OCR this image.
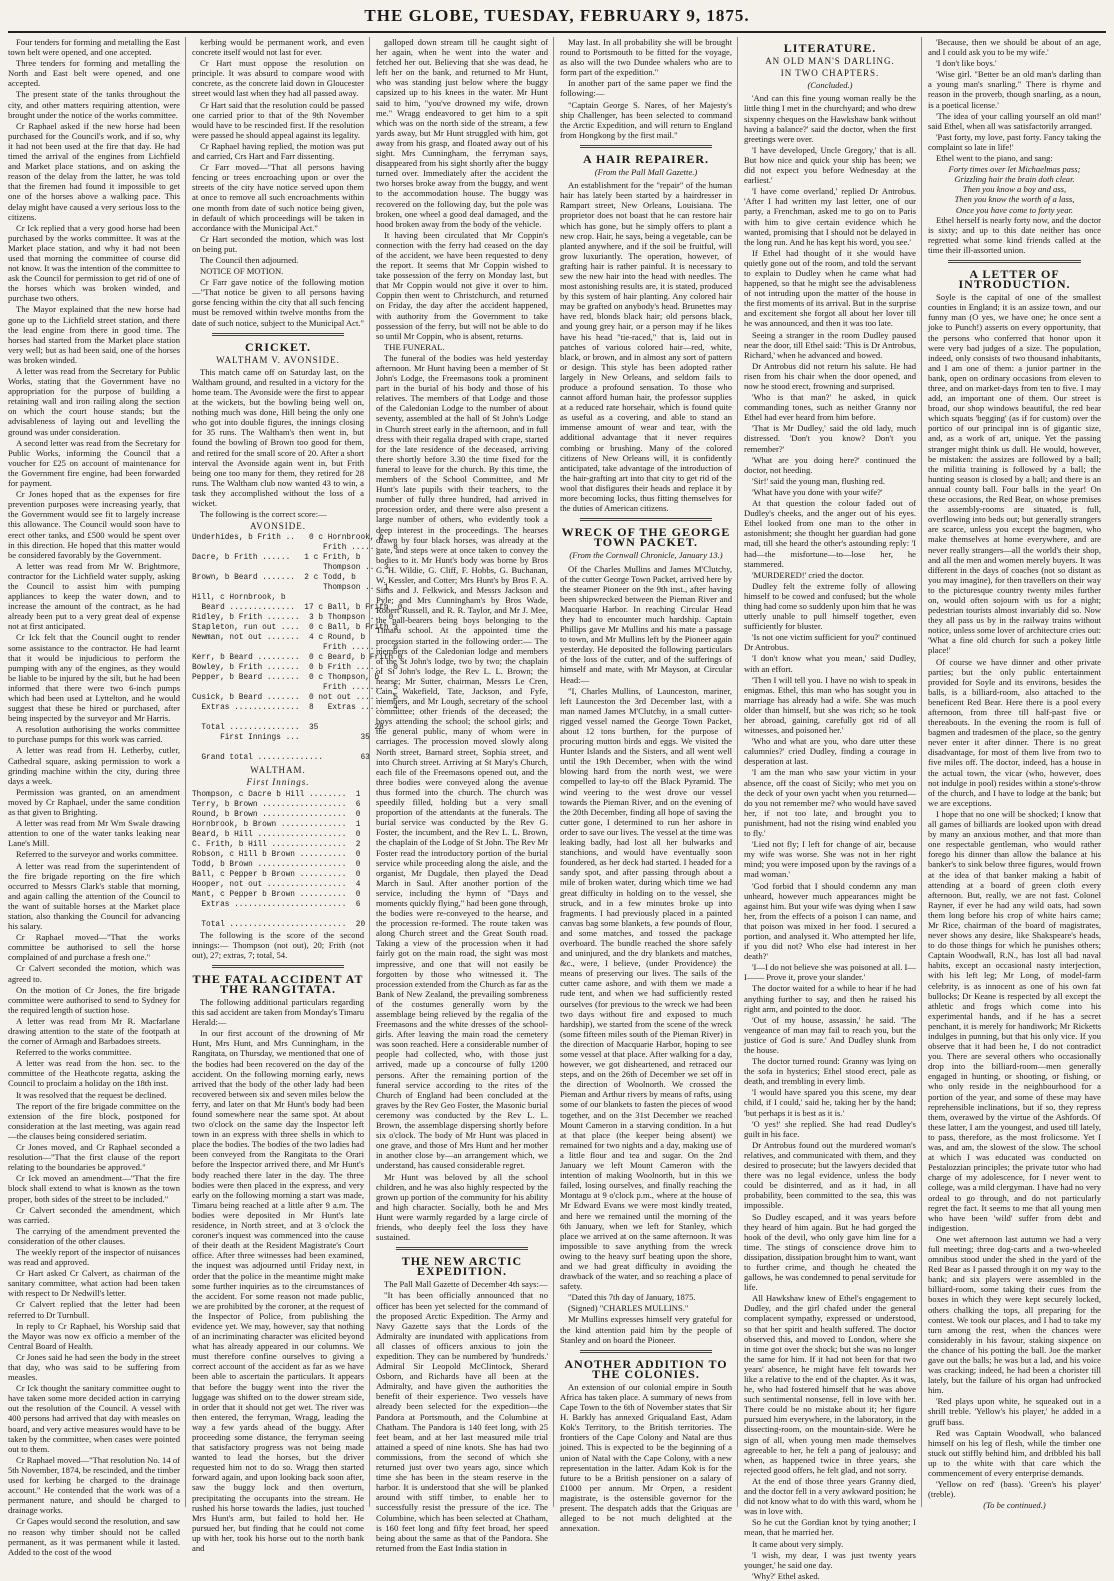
THE GLOBE, TUESDAY, FEBRUARY 9, 1875.

Four tenders for forming and metalling the East town belt were opened, and one accepted.

Three tenders for forming and metalling the North and East belt were opened, and one accepted.

The present state of the tanks throughout the city, and other matters requiring attention, were brought under the notice of the works committee.

Cr Raphael asked if the new horse had been purchased for the Council's work, and if so, why it had not been used at the fire that day. He had timed the arrival of the engines from Lichfield and Market place stations, and on asking the reason of the delay from the latter, he was told that the firemen had found it impossible to get one of the horses above a walking pace. This delay might have caused a very serious loss to the citizens.

Cr Ick replied that a very good horse had been purchased by the works committee. It was at the Market place station, and why it had not been used that morning the committee of course did not know. It was the intention of the committee to ask the Council for permission to get rid of one of the horses which was broken winded, and purchase two others.

The Mayor explained that the new horse had gone up to the Lichfield street station, and there the lead engine from there in good time. The horses had started from the Market place station very well; but as had been said, one of the horses was broken winded.

A letter was read from the Secretary for Public Works, stating that the Government have no appropriation for the purpose of building a retaining wall and iron railing along the section on which the court house stands; but the advisableness of laying out and levelling the ground was under consideration.

A second letter was read from the Secretary for Public Works, informing the Council that a voucher for £25 on account of maintenance for the Government fire engine, had been forwarded for payment.

Cr Jones hoped that as the expenses for fire prevention purposes were increasing yearly, that the Government would see fit to largely increase this allowance. The Council would soon have to erect other tanks, and £500 would be spent over in this direction. He hoped that this matter would be considered favorably by the Government.

A letter was read from Mr W. Brightmore, contractor for the Lichfield water supply, asking the Council to assist him with pumping appliances to keep the water down, and to increase the amount of the contract, as he had already been put to a very great deal of expense not at first anticipated.

Cr Ick felt that the Council ought to render some assistance to the contractor. He had learnt that it would be injudicious to perform the pumping with any of the engines, as they would be liable to be injured by the silt, but he had been informed that there were two 6-inch pumps which had been used at Lyttelton, and he would suggest that these be hired or purchased, after being inspected by the surveyor and Mr Harris.

A resolution authorising the works committee to purchase pumps for this work was carried.

A letter was read from H. Letherby, cutler, Cathedral square, asking permission to work a grinding machine within the city, during three days a week.

Permission was granted, on an amendment moved by Cr Raphael, under the same condition as that given to Brighting.

A letter was read from Mr Wm Swale drawing attention to one of the water tanks leaking near Lane's Mill.

Referred to the surveyor and works committee.

A letter was read from the superintendent of the fire brigade reporting on the fire which occurred to Messrs Clark's stable that morning, and again calling the attention of the Council to the want of suitable horses at the Market place station, also thanking the Council for advancing his salary.

Cr Raphael moved—"That the works committee be authorised to sell the horse complained of and purchase a fresh one."

Cr Calvert seconded the motion, which was agreed to.

On the motion of Cr Jones, the fire brigade committee were authorised to send to Sydney for the required length of suction hose.

A letter was read from Mr R. Macfarlane drawing attention to the state of the footpath at the corner of Armagh and Barbadoes streets.

Referred to the works committee.

A letter was read from the hon. sec. to the committee of the Heathcote regatta, asking the Council to proclaim a holiday on the 18th inst.

It was resolved that the request be declined.

The report of the fire brigade committee on the extension of the fire block, postponed for consideration at the last meeting, was again read—the clauses being considered seriatim.

Cr Jones moved, and Cr Raphael seconded a resolution—"That the first clause of the report relating to the boundaries be approved."

Cr Ick moved an amendment—"That the fire block shall extend to what is known as the town proper, both sides of the street to be included."

Cr Calvert seconded the amendment, which was carried.

The carrying of the amendment prevented the consideration of the other clauses.

The weekly report of the inspector of nuisances was read and approved.

Cr Hart asked Cr Calvert, as chairman of the sanitary committee, what action had been taken with respect to Dr Nedwill's letter.

Cr Calvert replied that the letter had been referred to Dr Turnbull.

In reply to Cr Raphael, his Worship said that the Mayor was now ex officio a member of the Central Board of Health.

Cr Jones said he had seen the body in the street that day, who was said to be suffering from measles.

Cr Ick thought the sanitary committee ought to have taken some more decided action in carrying out the resolution of the Council. A vessel with 400 persons had arrived that day with measles on board, and very active measures would have to be taken by the committee, when cases were pointed out to them.

Cr Raphael moved—"That resolution No. 14 of 5th November, 1874, be rescinded, and the timber used for kerbing be charged to the drainage account." He contended that the work was of a permanent nature, and should be charged to drainage works.

Cr Gapes would second the resolution, and saw no reason why timber should not be called permanent, as it was permanent while it lasted. Added to the cost of the wood

kerbing would be permanent work, and even concrete itself would not last for ever.

Cr Hart must oppose the resolution on principle. It was absurd to compare wood with concrete, as the concrete laid down in Gloucester street would last when they had all passed away.

Cr Hart said that the resolution could be passed one carried prior to that of the 9th November would have to be rescinded first. If the resolution were passed he should appeal against its legality.

Cr Raphael having replied, the motion was put and carried, Crs Hart and Farr dissenting.

Cr Farr moved—"That all persons having fencing or trees encroaching upon or over the streets of the city have notice served upon them at once to remove all such encroachments within one month from date of such notice being given, in default of which proceedings will be taken in accordance with the Municipal Act."

Cr Hart seconded the motion, which was lost on being put.

The Council then adjourned.

NOTICE OF MOTION.

Cr Farr gave notice of the following motion—"That notice be given to all persons having gorse fencing within the city that all such fencing must be removed within twelve months from the date of such notice, subject to the Municipal Act."

CRICKET.
WALTHAM V. AVONSIDE.

This match came off on Saturday last, on the Waltham ground, and resulted in a victory for the home team. The Avonside were the first to appear at the wickets, but the bowling being well on, nothing much was done, Hill being the only one who got into double figures, the innings closing for 35 runs. The Waltham's then went in, but found the bowling of Brown too good for them, and retired for the small score of 20. After a short interval the Avonside again went in, but Frith being one too many for them, they retired for 28 runs. The Waltham club now wanted 43 to win, a task they accomplished without the loss of a wicket.

The following is the correct score:—

AVONSIDE.
Underhides, b Frith ..   0 c Hornbrook, b
Frith ......   8
Dacre, b Frith ......   1 c Frith, b
Thompson ..  3
Brown, b Beard .......  2 c Todd, b
Thompson ..  1
Hill, c Hornbrook, b
Beard ..............  17 c Ball, b Frith  0
Ridley, b Frith .......  3 b Thompson ..  0
Stapleton, run out ....  0 c Ball, b Frith 3
Newman, not out .......  4 c Round, b
Frith .......  0
Kerr, b Beard .........  0 c Beard, b Frith 0
Bowley, b Frith .......  0 b Frith ......  0
Pepper, b Beard .......  0 c Thompson, b
Frith .......  5
Cusick, b Beard .......  0 not out ......  5
Extras ..............  8   Extras .....  4

Total ...............  35            28
First Innings ...             35

Grand total ..............        63
WALTHAM.
First Innings.
Thompson, c Dacre b Hill ........  1
Terry, b Brown ..................  6
Round, b Brown ..................  0
Hornbrook, b Brown ..............  1
Beard, b Hill ...................  0
C. Frith, b Hill ................  2
Robson, c Hill b Brown ..........  0
Todd, b Brown ...................  0
Ball, c Pepper b Brown ..........  0
Hooper, not out .................  4
Mant, c Pepper b Brown ..........  0
Extras ........................  6

Total .........................  20

The following is the score of the second innings:— Thompson (not out), 20; Frith (not out), 27; extras, 7; total, 54.

THE FATAL ACCIDENT AT THE RANGITATA.

The following additional particulars regarding this sad accident are taken from Monday's Timaru Herald:—

In our first account of the drowning of Mr Hunt, Mrs Hunt, and Mrs Cunningham, in the Rangitata, on Thursday, we mentioned that one of the bodies had been recovered on the day of the accident. On the following morning early, news arrived that the body of the other lady had been recovered between six and seven miles below the ferry, and later on that Mr Hunt's body had been found somewhere near the same spot. At about two o'clock on the same day the Inspector left town in an express with three shells in which to place the bodies. The bodies of the two ladies had been conveyed from the Rangitata to the Orari before the Inspector arrived there, and Mr Hunt's body reached there later in the day. The three bodies were then placed in the express, and very early on the following morning a start was made, Timaru being reached at a little after 9 a.m. The bodies were deposited in Mr Hunt's late residence, in North street, and at 3 o'clock the coroner's inquest was commenced into the cause of their death at the Resident Magistrate's Court office. After three witnesses had been examined, the inquest was adjourned until Friday next, in order that the police in the meantime might make some further inquiries as to the circumstances of the accident. For some reason not made public, we are prohibited by the coroner, at the request of the Inspector of Police, from publishing the evidence yet. We may, however, say that nothing of an incriminating character was elicited beyond what has already appeared in our columns. We must therefore confine ourselves to giving a correct account of the accident as far as we have been able to ascertain the particulars. It appears that before the buggy went into the river the luggage was shifted on to the dower stream side, in order that it should not get wet. The river was then entered, the ferryman, Wragg, leading the way a few yards ahead of the buggy. After proceeding some distance, the ferryman seeing that satisfactory progress was not being made wanted to lead the horses, but the driver requested him not to do so. Wragg then started forward again, and upon looking back soon after, saw the buggy lock and then overturn, precipitating the occupants into the stream. He rushed his horse towards the ladies, just touched Mrs Hunt's arm, but failed to hold her. He pursued her, but finding that he could not come up with her, took his horse out to the north bank and

galloped down stream till he caught sight of her again, when he went into the water and fetched her out. Believing that she was dead, he left her on the bank, and returned to Mr Hunt, who was standing just below where the buggy capsized up to his knees in the water. Mr Hunt said to him, "you've drowned my wife, drown me." Wragg endeavored to get him to a spit which was on the north side of the stream, a few yards away, but Mr Hunt struggled with him, got away from his grasp, and floated away out of his sight. Mrs Cunningham, the ferryman says, disappeared from his sight shortly after the buggy turned over. Immediately after the accident the two horses broke away from the buggy, and went to the accommodation house. The buggy was recovered on the following day, but the pole was broken, one wheel a good deal damaged, and the hood broken away from the body of the vehicle.

It having been circulated that Mr Coppin's connection with the ferry had ceased on the day of the accident, we have been requested to deny the report. It seems that Mr Coppin wished to take possession of the ferry on Monday last, but that Mr Coppin would not give it over to him. Coppin then went to Christchurch, and returned on Friday, the day after the accident happened, with authority from the Government to take possession of the ferry, but will not be able to do so until Mr Coppin, who is absent, returns.

THE FUNERAL.

The funeral of the bodies was held yesterday afternoon. Mr Hunt having been a member of St John's Lodge, the Freemasons took a prominent part in the burial of his body and those of his relatives. The members of that Lodge and those of the Caledonian Lodge to the number of about seventy, assembled at the hall of St John's Lodge in Church street early in the afternoon, and in full dress with their regalia draped with crape, started for the late residence of the deceased, arriving there shortly before 3.30 the time fixed for the funeral to leave for the church. By this time, the members of the School Committee, and Mr Hunt's late pupils with their teachers, to the number of fully three hundred, had arrived in procession order, and there were also present a large number of others, who evidently took a deep interest in the proceedings. The hearses drawn by four black horses, was already at the gate, and steps were at once taken to convey the bodies to it. Mr Hunt's body was borne by Bros G. H. Wildie, G. Cliff, F. Hobbs, G. Buchanan, W. Kessler, and Cotter; Mrs Hunt's by Bros F. A. Sims and J. Felkwick, and Messrs Jackson and Pyle; and Mrs Cunningham's by Bros Wade, Robert Russell, and R. R. Taylor, and Mr J. Mee, the pall-bearers being boys belonging to the Timaru school. At the appointed time the procession started in the following order:— The members of the Caledonian lodge and members of the St John's lodge, two by two; the chaplain of St John's lodge, the Rev L. L. Brown; the hearse; Mr Sutter, chairman, Messrs Le Cren, Cain, Wakefield, Tate, Jackson, and Fyfe, members, and Mr Lough, secretary of the school committee; other friends of the deceased; the boys attending the school; the school girls; and the general public, many of whom were in carriages. The procession moved slowly along North street, Barnard street, Sophia street, and into Church street. Arriving at St Mary's Church, each file of the Freemasons opened out, and the three bodies were conveyed along the avenue thus formed into the church. The church was speedily filled, holding but a very small proportion of the attendants at the funerals. The burial service was conducted by the Rev G. Foster, the incumbent, and the Rev L. L. Brown, the chaplain of the Lodge of St John. The Rev Mr Foster read the introductory portion of the burial service while proceeding along the aisle, and the organist, Mr Dugdale, then played the Dead March in Saul. After another portion of the service, including the hymn of "Days and moments quickly flying," had been gone through, the bodies were re-conveyed to the hearse, and the procession re-formed. The route taken was along Church street and the Great South road. Taking a view of the procession when it had fairly got on the main road, the sight was most impressive, and one that will not easily be forgotten by those who witnessed it. The procession extended from the Church as far as the Bank of New Zealand, the prevailing sombreness of the costumes generally worn by the assemblage being relieved by the regalia of the Freemasons and the white dresses of the school-girls. After leaving the main road the cemetery was soon reached. Here a considerable number of people had collected, who, with those just arrived, made up a concourse of fully 1200 persons. After the remaining portion of the funeral service according to the rites of the Church of England had been concluded at the graves by the Rev Geo Foster, the Masonic burial ceremony was conducted by the Rev L. L. Brown, the assemblage dispersing shortly before six o'clock. The body of Mr Hunt was placed in one grave, and those of Mrs Hunt and her mother in another close by—an arrangement which, we understand, has caused considerable regret.

Mr Hunt was beloved by all the school children, and he was also highly respected by the grown up portion of the community for his ability and high character. Socially, both he and Mrs Hunt were warmly regarded by a large circle of friends, who deeply feel the loss they have sustained.

THE NEW ARCTIC EXPEDITION.

The Pall Mall Gazette of December 4th says:—

"It has been officially announced that no officer has been yet selected for the command of the proposed Arctic Expedition. The Army and Navy Gazette says that the Lords of the Admiralty are inundated with applications from all classes of officers anxious to join the expedition. They can be numbered by 'hundreds.' Admiral Sir Leopold McClintock, Sherard Osborn, and Richards have all been at the Admiralty, and have given the authorities the benefit of their experience. Two vessels have already been selected for the expedition—the Pandora at Portsmouth, and the Columbine at Chatham. The Pandora is 140 feet long, with 25 feet beam, and at her last measured mile trial attained a speed of nine knots. She has had two commissions, from the second of which she returned just over two years ago, since which time she has been in the steam reserve in the harbor. It is understood that she will be planked around with stiff timber, to enable her to successfully resist the pressure of the ice. The Columbine, which has been selected at Chatham, is 160 feet long and fifty feet broad, her speed being about the same as that of the Pandora. She returned from the East India station in

May last. In all probability she will be brought round to Portsmouth to be fitted for the voyage, as also will the two Dundee whalers who are to form part of the expedition."

In another part of the same paper we find the following:—

"Captain George S. Nares, of her Majesty's ship Challenger, has been selected to command the Arctic Expedition, and will return to England from Hongkong by the first mail."

A HAIR REPAIRER.
(From the Pall Mall Gazette.)

An establishment for the "repair" of the human hair has lately been started by a hairdresser in Rampart street, New Orleans, Louisiana. The proprietor does not boast that he can restore hair which has gone, but he simply offers to plant a new crop. Hair, he says, being a vegetable, can be planted anywhere, and if the soil be fruitful, will grow luxuriantly. The operation, however, of grafting hair is rather painful. It is necessary to sew the new hair into the head with needles. The most astonishing results are, it is stated, produced by this system of hair planting. Any colored hair may be grafted on anybody's head. Brunettes may have red, blonds black hair; old persons black, and young grey hair, or a person may if he likes have his head "tie-raced," that is, laid out in patches of various colored hair—red, white, black, or brown, and in almost any sort of pattern or design. This style has been adopted rather largely in New Orleans, and seldom fails to produce a profound sensation. To those who cannot afford human hair, the professor supplies at a reduced rate horsehair, which is found quite as useful as a covering, and able to stand an immense amount of wear and tear, with the additional advantage that it never requires combing or brushing. Many of the colored citizens of New Orleans will, it is confidently anticipated, take advantage of the introduction of the hair-grafting art into that city to get rid of the wool that disfigures their heads and replace it by more becoming locks, thus fitting themselves for the duties of American citizens.

WRECK OF THE GEORGE TOWN PACKET.
(From the Cornwall Chronicle, January 13.)

Of the Charles Mullins and James M'Clutchy, of the cutter George Town Packet, arrived here by the steamer Pioneer on the 9th inst., after having been shipwrecked between the Pieman River and Macquarie Harbor. In reaching Circular Head they had to encounter much hardship. Captain Phillips gave Mr Mullins and his mate a passage to town, and Mr Mullins left by the Pioneer again yesterday. He deposited the following particulars of the loss of the cutter, and of the sufferings of himself and mate, with Mr Mayson, at Circular Head:—

"I, Charles Mullins, of Launceston, mariner, left Launceston the 3rd December last, with a man named James M'Clutchy, in a small cutter-rigged vessel named the George Town Packet, about 12 tons burthen, for the purpose of procuring mutton birds and eggs. We visited the Hunter Islands and the Sisters, and all went well until the 19th December, when with the wind blowing hard from the north west, we were compelled to lay-to off the Black Pyramid. The wind veering to the west drove our vessel towards the Pieman River, and on the evening of the 20th December, finding all hope of saving the cutter gone, I determined to run her ashore in order to save our lives. The vessel at the time was leaking badly, had lost all her bulwarks and stanchions, and would have eventually soon foundered, as her deck had started. I headed for a sandy spot, and after passing through about a mile of broken water, during which time we had great difficulty in holding on to the vessel, she struck, and in a few minutes broke up into fragments. I had previously placed in a painted canvas bag some blankets, a few pounds of flour, and some matches, and tossed the package overboard. The bundle reached the shore safely and uninjured, and the dry blankets and matches, &c., were, I believe, (under Providence) the means of preserving our lives. The sails of the cutter came ashore, and with them we made a rude tent, and when we had sufficiently rested ourselves (for previous to the wreck we had been two days without fire and exposed to much hardship), we started from the scene of the wreck (some fifteen miles south of the Pieman River) in the direction of Macquarie Harbor, hoping to see some vessel at that place. After walking for a day, however, we got disheartened, and retraced our steps, and on the 26th of December we set off in the direction of Woolnorth. We crossed the Pieman and Arthur rivers by means of rafts, using some of our blankets to fasten the pieces of wood together, and on the 31st December we reached Mount Cameron in a starving condition. In a hut at that place (the keeper being absent) we remained for two nights and a day, making use of a little flour and tea and sugar. On the 2nd January we left Mount Cameron with the intention of making Woolnorth, but in this we failed, losing ourselves, and finally reaching the Montagu at 9 o'clock p.m., where at the house of Mr Edward Evans we were most kindly treated, and here we remained until the morning of the 6th January, when we left for Stanley, which place we arrived at on the same afternoon. It was impossible to save anything from the wreck owing to the heavy surf beating upon the shore, and we had great difficulty in avoiding the drawback of the water, and so reaching a place of safety.

"Dated this 7th day of January, 1875.

(Signed) "CHARLES MULLINS."

Mr Mullins expresses himself very grateful for the kind attention paid him by the people of Stanley and on board the Pioneer.

ANOTHER ADDITION TO THE COLONIES.

An extension of our colonial empire in South Africa has taken place. A summary of news from Cape Town to the 6th of November states that Sir H. Barkly has annexed Griqualand East, Adam Kok's Territory, to the British territories. The frontiers of the Cape Colony and Natal are thus joined. This is expected to be the beginning of a union of Natal with the Cape Colony, with a new representation in the latter. Adam Kok is for the future to be a British pensioner on a salary of £1000 per annum. Mr Orpen, a resident magistrate, is the ostensible governor for the present. The despatch adds that the Griquas are alleged to be not much delighted at the annexation.

LITERATURE.
AN OLD MAN'S DARLING.
IN TWO CHAPTERS.
(Concluded.)

'And can this fine young woman really be the little thing I met in the churchyard; and who drew sixpenny cheques on the Hawkshaw bank without having a balance?' said the doctor, when the first greetings were over.

'I have developed, Uncle Gregory,' that is all. But how nice and quick your ship has been; we did not expect you before Wednesday at the earliest.'

'I have come overland,' replied Dr Antrobus. 'After I had written my last letter, one of our party, a Frenchman, asked me to go on to Paris with him to give certain evidence which he wanted, promising that I should not be delayed in the long run. And he has kept his word, you see.'

If Ethel had thought of it she would have quietly gone out of the room, and told the servant to explain to Dudley when he came what had happened, so that he might see the advisableness of not intruding upon the matter of the house in the first moments of its arrival. But in the surprise and excitement she forgot all about her lover till he was announced, and then it was too late.

Seeing a stranger in the room Dudley paused near the door, till Ethel said: 'This is Dr Antrobus, Richard,' when he advanced and bowed.

Dr Antrobus did not return his salute. He had risen from his chair when the door opened, and now he stood erect, frowning and surprised.

'Who is that man?' he asked, in quick commanding tones, such as neither Granny nor Ethel had ever heard from him before.

'That is Mr Dudley,' said the old lady, much distressed. 'Don't you know? Don't you remember?'

'What are you doing here?' continued the doctor, not heeding.

'Sir!' said the young man, flushing red.

'What have you done with your wife?'

At that question the colour faded out of Dudley's cheeks, and the anger out of his eyes. Ethel looked from one man to the other in astonishment; she thought her guardian had gone mad, till she heard the other's astounding reply: 'I had—the misfortune—to—lose her, he stammered.

'MURDERED!' cried the doctor.

Dudley felt the extreme folly of allowing himself to be cowed and confused; but the whole thing had come so suddenly upon him that he was utterly unable to pull himself together, even sufficiently for bluster.

'Is not one victim sufficient for you?' continued Dr Antrobus.

'I don't know what you mean,' said Dudley, with an effort.

'Then I will tell you. I have no wish to speak in enigmas. Ethel, this man who has sought you in marriage has already had a wife. She was much older than himself, but she was rich; so he took her abroad, gaining, carefully got rid of all witnesses, and poisoned her.'

'Who and what are you, who dare utter these calumnies?' cried Dudley, finding a courage in desperation at last.

'I am the man who saw your victim in your absence, off the coast of Sicily; who met you on the deck of your own yacht when you returned—do you not remember me? who would have saved her, if not too late, and brought you to punishment, had not the rising wind enabled you to fly.'

'Lied not fly; I left for change of air, because my wife was worse. She was not in her right mind; you were imposed upon by the ravings of a mad woman.'

'God forbid that I should condemn any man unheard, however much appearances might be against him. But your wife was dying when I saw her, from the effects of a poison I can name, and that poison was mixed in her food. I secured a portion, and analysed it. Who attempted her life, if you did not? Who else had interest in her death?'

'I—I do not believe she was poisoned at all. I—I—— Prove it, prove your slander.'

The doctor waited for a while to hear if he had anything further to say, and then he raised his right arm, and pointed to the door.

'Out of my house, assassin,' he said. 'The vengeance of man may fail to reach you, but the justice of God is sure.' And Dudley slunk from the house.

The doctor turned round: Granny was lying on the sofa in hysterics; Ethel stood erect, pale as death, and trembling in every limb.

'I would have spared you this scene, my dear child, if I could,' said he, taking her by the hand; 'but perhaps it is best as it is.'

'O yes!' she replied. She had read Dudley's guilt in his face.

Dr Antrobus found out the murdered woman's relatives, and communicated with them, and they desired to prosecute; but the lawyers decided that there was no legal evidence, unless the body could be disinterred, and as it had, in all probability, been committed to the sea, this was impossible.

So Dudley escaped, and it was years before they heard of him again. But he had gorged the hook of the devil, who only gave him line for a time. The stings of conscience drove him to dissipation, dissipation brought him to want, want to further crime, and though he cheated the gallows, he was condemned to penal servitude for life.

All Hawkshaw knew of Ethel's engagement to Dudley, and the girl chafed under the general complacent sympathy, expressed or understood, so that her spirit and health suffered. The doctor observed this, and moved to London, where she in time got over the shock; but she was no longer the same for him. If it had not been for that two years' absence, he might have felt towards her like a relative to the end of the chapter. As it was, he, who had fostered himself that he was above such sentimental nonsense, fell in love with her. There could be no mistake about it; her figure pursued him everywhere, in the laboratory, in the dissecting-room, on the mountain-side. Were he sign of all, when young men made themselves agreeable to her, he felt a pang of jealousy; and when, as happened twice in three years, she rejected good offers, he felt glad, and not sorry.

At the end of those three years Granny died, and the doctor fell in a very awkward position; he did not know what to do with this ward, whom he was in love with.

So he cut the Gordian knot by tying another; I mean, that he married her.

It came about very simply.

'I wish, my dear, I was just twenty years younger,' he said one day.

'Why?' Ethel asked.

'Because, then we should be about of an age, and I could ask you to be my wife.'

'I don't like boys.'

'Wise girl. "Better be an old man's darling than a young man's snarling." There is rhyme and reason in the proverb, though snarling, as a noun, is a poetical license.'

'The idea of your calling yourself an old man!' said Ethel, when all was satisfactorily arranged.

'Past forty, my love, past forty. Fancy taking the complaint so late in life!'

Ethel went to the piano, and sang:

Forty times over let Michaelmas pass;
Grizzling hair the brain doth clear.
Then you know a boy and ass,
Then you know the worth of a lass,
Once you have come to forty year.

Ethel herself is nearly forty now, and the doctor is sixty; and up to this date neither has once regretted what some kind friends called at the time their ill-assorted union.

A LETTER OF INTRODUCTION.

Soyle is the capital of one of the smallest counties in England; it is an assize town, and our funny man (O yes, we have one; he once sent a joke to Punch!) asserts on every opportunity, that the persons who conferred that honor upon it were very bad judges of a size. The population, indeed, only consists of two thousand inhabitants, and I am one of them: a junior partner in the bank, open on ordinary occasions from eleven to three, and on market-days from ten to five. I may add, an important one of them. Our street is broad, our shop windows beautiful, the red bear which squats 'begging' (as if for custom) over the portico of our principal inn is of gigantic size, and, as a work of art, unique. Yet the passing stranger might think us dull. He would, however, be mistaken: the assizes are followed by a ball; the militia training is followed by a ball; the hunting season is closed by a ball; and there is an annual county ball. Four balls in the year! On these occasions, the Red Bear, on whose premises the assembly-rooms are situated, is full, overflowing into beds out; but generally strangers are scarce, unless you except the bagmen, who make themselves at home everywhere, and are never really strangers—all the world's their shop, and all the men and women merely buyers. It was different in the days of coaches (not so distant as you may imagine), for then travellers on their way to the picturesque country twenty miles further on, would often sojourn with us for a night; pedestrian tourists almost invariably did so. Now they all pass us by in the railway trains without notice, unless some lover of architecture cries out: 'What a fine old church for such a pokey little place!'

Of course we have dinner and other private parties; but the only public entertainment provided for Soyle and its environs, besides the balls, is a billiard-room, also attached to the beneficent Red Bear. Here there is a pool every afternoon, from three till half-past five or thereabouts. In the evening the room is full of bagmen and tradesmen of the place, so the gentry never enter it after dinner. There is no great disadvantage, for most of them live from two to five miles off. The doctor, indeed, has a house in the actual town, the vicar (who, however, does not indulge in pool) resides within a stone's-throw of the church, and I have to lodge at the bank; but we are exceptions.

I hope that no one will be shocked; I know that all games of billiards are looked upon with dread by many an anxious mother, and that more than one respectable gentleman, who would rather forego his dinner than allow the balance at his banker's to sink below three figures, would frown at the idea of that banker making a habit of attending at a board of green cloth every afternoon. But, really, we are not fast. Colonel Rayner, if ever he had any wild oats, had sown them long before his crop of white hairs came; Mr Rice, chairman of the board of magistrates, never shows any desire, like Shakspeare's heads, to do those things for which he punishes others; Captain Woodwall, R.N., has lost all bad naval habits, except an occasional nasty interjection, with his left leg; Mr Long, of model-farm celebrity, is as innocent as one of his own fat bullocks; Dr Keane is respected by all except the athletic and frogs which come into his experimental hands, and if he has a secret penchant, it is merely for handiwork; Mr Ricketts indulges in punning, but that his only vice. If you observe that it had been he, I do not contradict you. There are several others who occasionally drop into the billiard-room—men generally engaged in hunting, or shooting, or fishing, or who only reside in the neighbourhood for a portion of the year, and some of these may have reprehensible inclinations, but if so, they repress them, overawed by the virtue of the Ashfords. Of these latter, I am the youngest, and used till lately, to pass, therefore, as the most frolicsome. Yet I was, and am, the slowest of the slow. The school at which I was educated was conducted on Pestalozzian principles; the private tutor who had charge of my adolescence, for I never went to college, was a mild clergyman. I have had no very ordeal to go through, and do not particularly regret the fact. It seems to me that all young men who have been 'wild' suffer from debt and indigestion.

One wet afternoon last autumn we had a very full meeting; three dog-carts and a two-wheeled omnibus stood under the shed in the yard of the Red Bear as I passed through it on my way to the bank; and six players were assembled in the billiard-room, some taking their cues from the boxes in which they were kept securely locked, others chalking the tops, all preparing for the contest. We took our places, and I had to take my turn among the rest, when the chances were considerably in his favour, staking sixpence on the chance of his potting the ball. Joe the marker gave out the balls; he was but a lad, and his voice was cracking; indeed, he had been a chorister till lately, but the failure of his organ had unfrocked him.

'Red plays upon white, he squeaked out in a shrill treble. 'Yellow's his player,' he added in a gruff bass.

Red was Captain Woodwall, who balanced himself on his leg of flesh, while the timber one stuck out stiffly behind him, and dribbled his ball up to the white with that care which the commencement of every enterprise demands.

'Yellow on red' (bass). 'Green's his player' (treble).

(To be continued.)
